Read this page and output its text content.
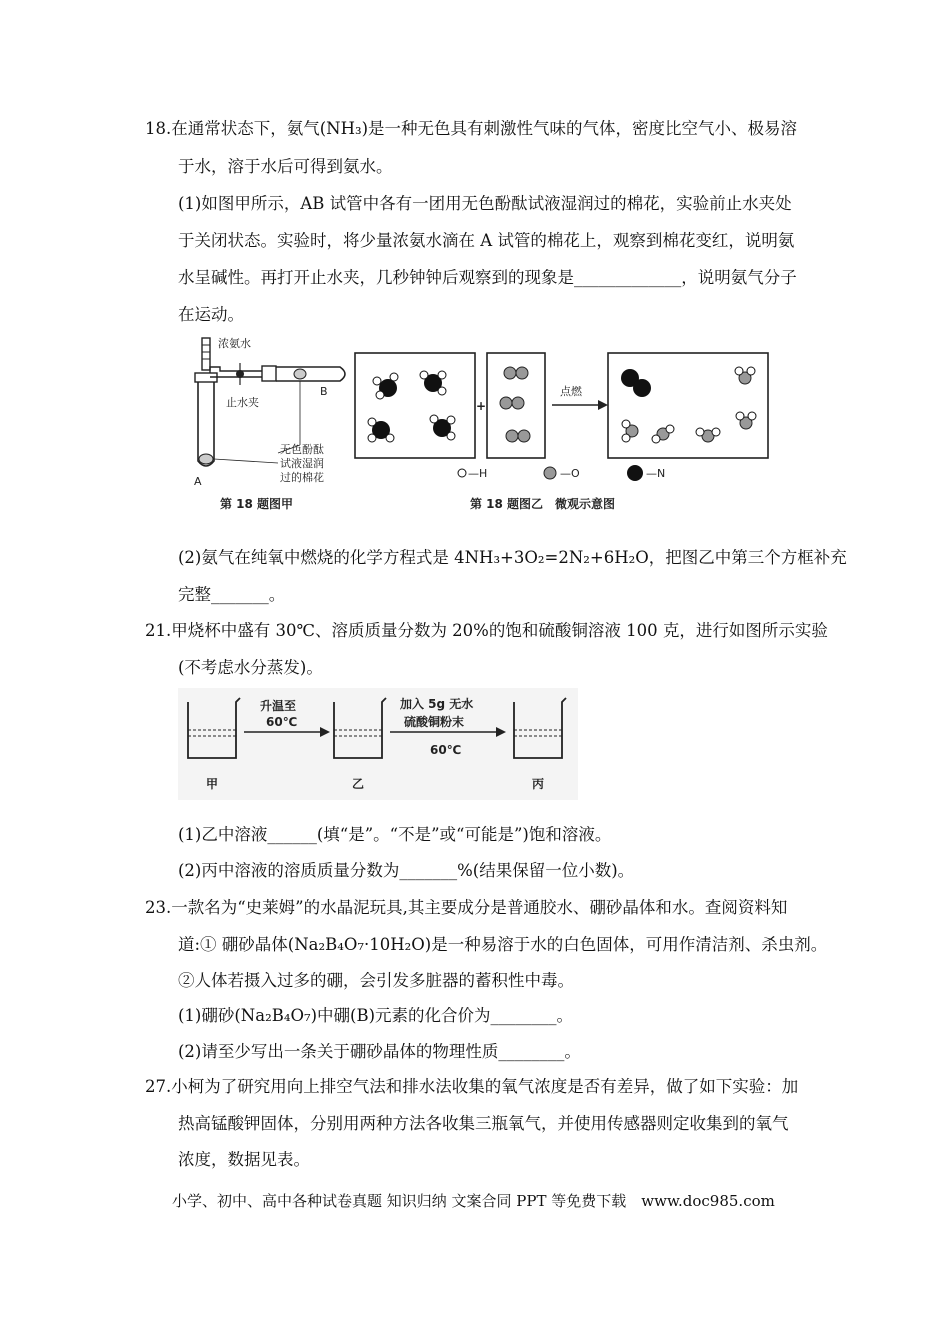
18.在通常状态下，氨气(NH₃)是一种无色具有刺激性气味的气体，密度比空气小、极易溶
于水，溶于水后可得到氨水。
(1)如图甲所示，AB 试管中各有一团用无色酚酞试液湿润过的棉花，实验前止水夹处
于关闭状态。实验时，将少量浓氨水滴在 A 试管的棉花上，观察到棉花变红，说明氨
水呈碱性。再打开止水夹，几秒钟钟后观察到的现象是_____________，说明氨气分子
在运动。
浓氨水
止水夹
B
A
无色酚酞
试液湿润
过的棉花
第 18 题图甲
+
点燃
—H	—O	—N
第 18 题图乙　微观示意图
(2)氨气在纯氧中燃烧的化学方程式是 4NH₃+3O₂=2N₂+6H₂O，把图乙中第三个方框补充
完整_______。
21.甲烧杯中盛有 30℃、溶质质量分数为 20%的饱和硫酸铜溶液 100 克，进行如图所示实验
(不考虑水分蒸发)。
升温至
60℃
加入 5g 无水
硫酸铜粉末
60℃
甲	乙	丙
(1)乙中溶液______(填“是”。“不是”或“可能是”)饱和溶液。
(2)丙中溶液的溶质质量分数为_______%(结果保留一位小数)。
23.一款名为“史莱姆”的水晶泥玩具,其主要成分是普通胶水、硼砂晶体和水。查阅资料知
道:① 硼砂晶体(Na₂B₄O₇·10H₂O)是一种易溶于水的白色固体，可用作清洁剂、杀虫剂。
②人体若摄入过多的硼，会引发多脏器的蓄积性中毒。
(1)硼砂(Na₂B₄O₇)中硼(B)元素的化合价为________。
(2)请至少写出一条关于硼砂晶体的物理性质________。
27.小柯为了研究用向上排空气法和排水法收集的氧气浓度是否有差异，做了如下实验：加
热高锰酸钾固体，分别用两种方法各收集三瓶氧气，并使用传感器则定收集到的氧气
浓度，数据见表。
小学、初中、高中各种试卷真题 知识归纳 文案合同 PPT 等免费下载　www.doc985.com
